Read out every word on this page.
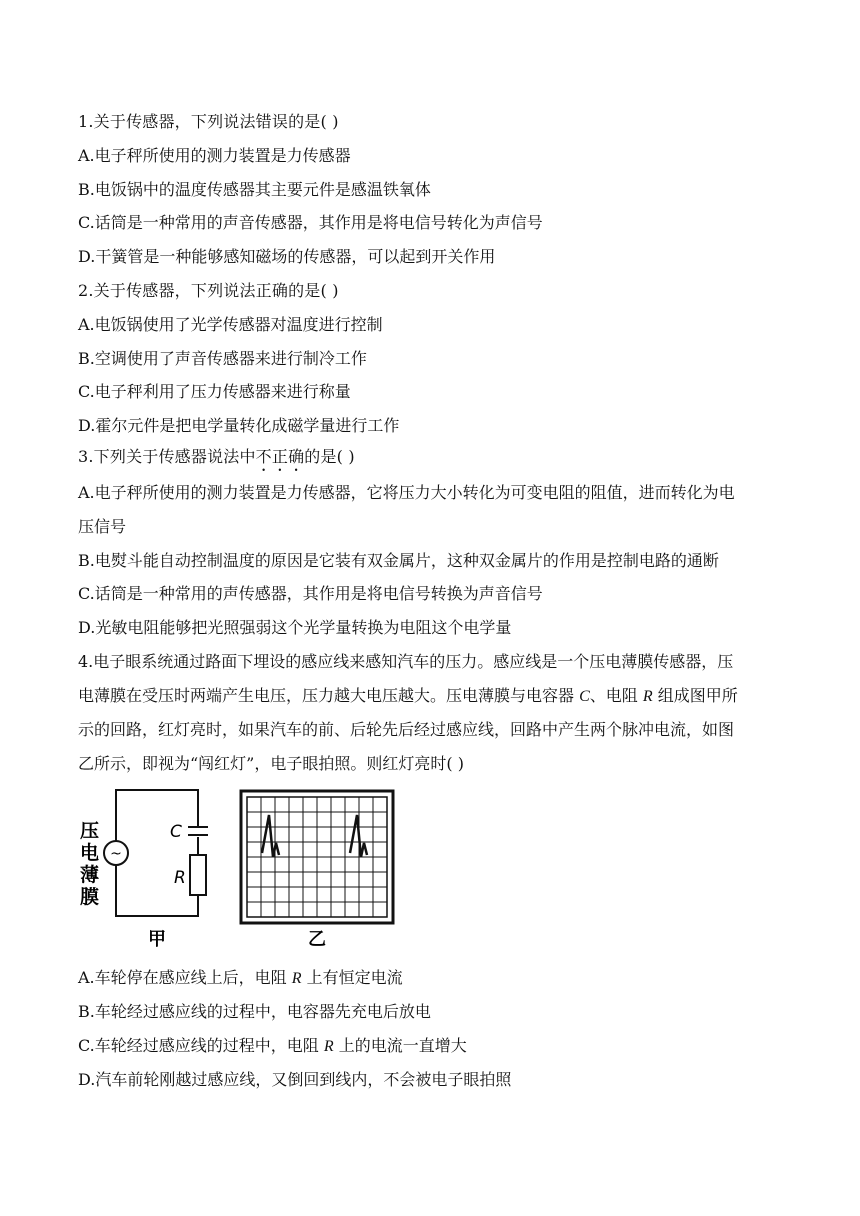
1.关于传感器，下列说法错误的是( )
A.电子秤所使用的测力装置是力传感器
B.电饭锅中的温度传感器其主要元件是感温铁氧体
C.话筒是一种常用的声音传感器，其作用是将电信号转化为声信号
D.干簧管是一种能够感知磁场的传感器，可以起到开关作用
2.关于传感器，下列说法正确的是( )
A.电饭锅使用了光学传感器对温度进行控制
B.空调使用了声音传感器来进行制冷工作
C.电子秤利用了压力传感器来进行称量
D.霍尔元件是把电学量转化成磁学量进行工作
3.下列关于传感器说法中不正确的是( )
A.电子秤所使用的测力装置是力传感器，它将压力大小转化为可变电阻的阻值，进而转化为电
压信号
B.电熨斗能自动控制温度的原因是它装有双金属片，这种双金属片的作用是控制电路的通断
C.话筒是一种常用的声传感器，其作用是将电信号转换为声音信号
D.光敏电阻能够把光照强弱这个光学量转换为电阻这个电学量
4.电子眼系统通过路面下埋设的感应线来感知汽车的压力。感应线是一个压电薄膜传感器，压
电薄膜在受压时两端产生电压，压力越大电压越大。压电薄膜与电容器 C、电阻 R 组成图甲所
示的回路，红灯亮时，如果汽车的前、后轮先后经过感应线，回路中产生两个脉冲电流，如图
乙所示，即视为“闯红灯”，电子眼拍照。则红灯亮时( )
~
压
电
薄
膜
C
R
甲	乙
A.车轮停在感应线上后，电阻 R 上有恒定电流
B.车轮经过感应线的过程中，电容器先充电后放电
C.车轮经过感应线的过程中，电阻 R 上的电流一直增大
D.汽车前轮刚越过感应线，又倒回到线内，不会被电子眼拍照
